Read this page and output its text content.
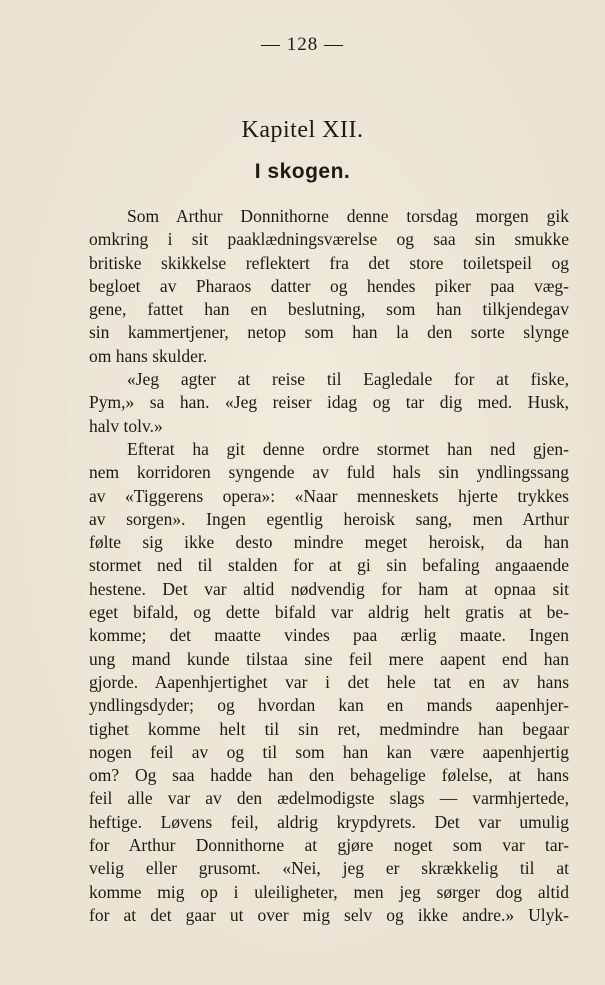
— 128 —
Kapitel XII.
I skogen.
Som Arthur Donnithorne denne torsdag morgen gik
omkring i sit paaklædningsværelse og saa sin smukke
britiske skikkelse reflektert fra det store toiletspeil og
begloet av Pharaos datter og hendes piker paa væg-
gene, fattet han en beslutning, som han tilkjendegav
sin kammertjener, netop som han la den sorte slynge
om hans skulder.
«Jeg agter at reise til Eagledale for at fiske,
Pym,» sa han. «Jeg reiser idag og tar dig med. Husk,
halv tolv.»
Efterat ha git denne ordre stormet han ned gjen-
nem korridoren syngende av fuld hals sin yndlingssang
av «Tiggerens opera»: «Naar menneskets hjerte trykkes
av sorgen». Ingen egentlig heroisk sang, men Arthur
følte sig ikke desto mindre meget heroisk, da han
stormet ned til stalden for at gi sin befaling angaaende
hestene. Det var altid nødvendig for ham at opnaa sit
eget bifald, og dette bifald var aldrig helt gratis at be-
komme; det maatte vindes paa ærlig maate. Ingen
ung mand kunde tilstaa sine feil mere aapent end han
gjorde. Aapenhjertighet var i det hele tat en av hans
yndlingsdyder; og hvordan kan en mands aapenhjer-
tighet komme helt til sin ret, medmindre han begaar
nogen feil av og til som han kan være aapenhjertig
om? Og saa hadde han den behagelige følelse, at hans
feil alle var av den ædelmodigste slags — varmhjertede,
heftige. Løvens feil, aldrig krypdyrets. Det var umulig
for Arthur Donnithorne at gjøre noget som var tar-
velig eller grusomt. «Nei, jeg er skrækkelig til at
komme mig op i uleiligheter, men jeg sørger dog altid
for at det gaar ut over mig selv og ikke andre.» Ulyk-
